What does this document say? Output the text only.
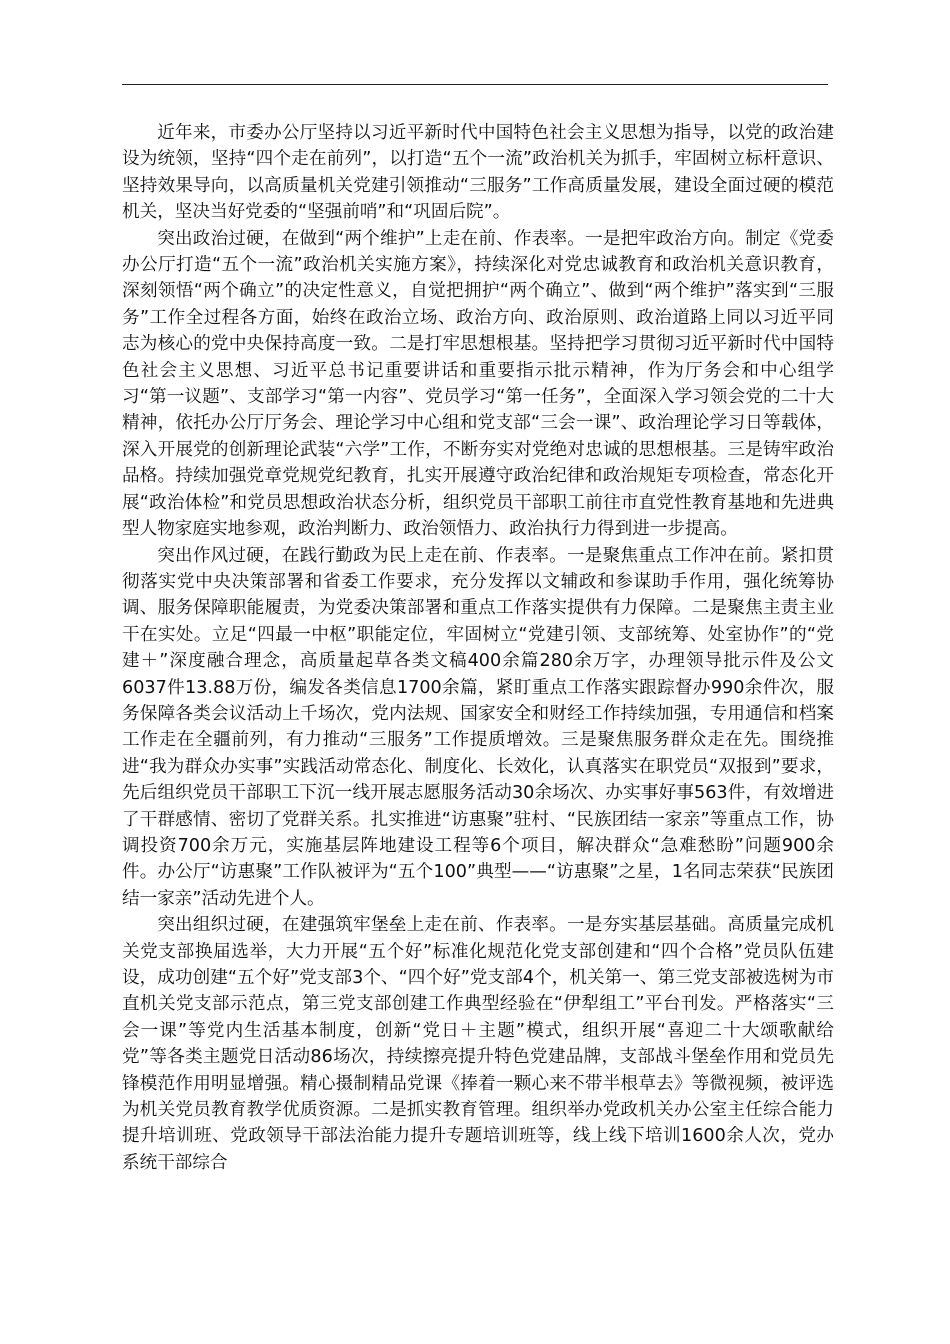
近年来，市委办公厅坚持以习近平新时代中国特色社会主义思想为指导，以党的政治建设为统领，坚持“四个走在前列”，以打造“五个一流”政治机关为抓手，牢固树立标杆意识、坚持效果导向，以高质量机关党建引领推动“三服务”工作高质量发展，建设全面过硬的模范机关，坚决当好党委的“坚强前哨”和“巩固后院”。

突出政治过硬，在做到“两个维护”上走在前、作表率。一是把牢政治方向。制定《党委办公厅打造“五个一流”政治机关实施方案》，持续深化对党忠诚教育和政治机关意识教育，深刻领悟“两个确立”的决定性意义，自觉把拥护“两个确立”、做到“两个维护”落实到“三服务”工作全过程各方面，始终在政治立场、政治方向、政治原则、政治道路上同以习近平同志为核心的党中央保持高度一致。二是打牢思想根基。坚持把学习贯彻习近平新时代中国特色社会主义思想、习近平总书记重要讲话和重要指示批示精神，作为厅务会和中心组学习“第一议题”、支部学习“第一内容”、党员学习“第一任务”，全面深入学习领会党的二十大精神，依托办公厅厅务会、理论学习中心组和党支部“三会一课”、政治理论学习日等载体，深入开展党的创新理论武装“六学”工作，不断夯实对党绝对忠诚的思想根基。三是铸牢政治品格。持续加强党章党规党纪教育，扎实开展遵守政治纪律和政治规矩专项检查，常态化开展“政治体检”和党员思想政治状态分析，组织党员干部职工前往市直党性教育基地和先进典型人物家庭实地参观，政治判断力、政治领悟力、政治执行力得到进一步提高。

突出作风过硬，在践行勤政为民上走在前、作表率。一是聚焦重点工作冲在前。紧扣贯彻落实党中央决策部署和省委工作要求，充分发挥以文辅政和参谋助手作用，强化统筹协调、服务保障职能履责，为党委决策部署和重点工作落实提供有力保障。二是聚焦主责主业干在实处。立足“四最一中枢”职能定位，牢固树立“党建引领、支部统筹、处室协作”的“党建＋”深度融合理念，高质量起草各类文稿400余篇280余万字，办理领导批示件及公文6037件13.88万份，编发各类信息1700余篇，紧盯重点工作落实跟踪督办990余件次，服务保障各类会议活动上千场次，党内法规、国家安全和财经工作持续加强，专用通信和档案工作走在全疆前列，有力推动“三服务”工作提质增效。三是聚焦服务群众走在先。围绕推进“我为群众办实事”实践活动常态化、制度化、长效化，认真落实在职党员“双报到”要求，先后组织党员干部职工下沉一线开展志愿服务活动30余场次、办实事好事563件，有效增进了干群感情、密切了党群关系。扎实推进“访惠聚”驻村、“民族团结一家亲”等重点工作，协调投资700余万元，实施基层阵地建设工程等6个项目，解决群众“急难愁盼”问题900余件。办公厅“访惠聚”工作队被评为“五个100”典型——“访惠聚”之星，1名同志荣获“民族团结一家亲”活动先进个人。

突出组织过硬，在建强筑牢堡垒上走在前、作表率。一是夯实基层基础。高质量完成机关党支部换届选举，大力开展“五个好”标准化规范化党支部创建和“四个合格”党员队伍建设，成功创建“五个好”党支部3个、“四个好”党支部4个，机关第一、第三党支部被选树为市直机关党支部示范点，第三党支部创建工作典型经验在“伊犁组工”平台刊发。严格落实“三会一课”等党内生活基本制度，创新“党日＋主题”模式，组织开展“喜迎二十大颂歌献给党”等各类主题党日活动86场次，持续擦亮提升特色党建品牌，支部战斗堡垒作用和党员先锋模范作用明显增强。精心摄制精品党课《捧着一颗心来不带半根草去》等微视频，被评选为机关党员教育教学优质资源。二是抓实教育管理。组织举办党政机关办公室主任综合能力提升培训班、党政领导干部法治能力提升专题培训班等，线上线下培训1600余人次，党办系统干部综合
